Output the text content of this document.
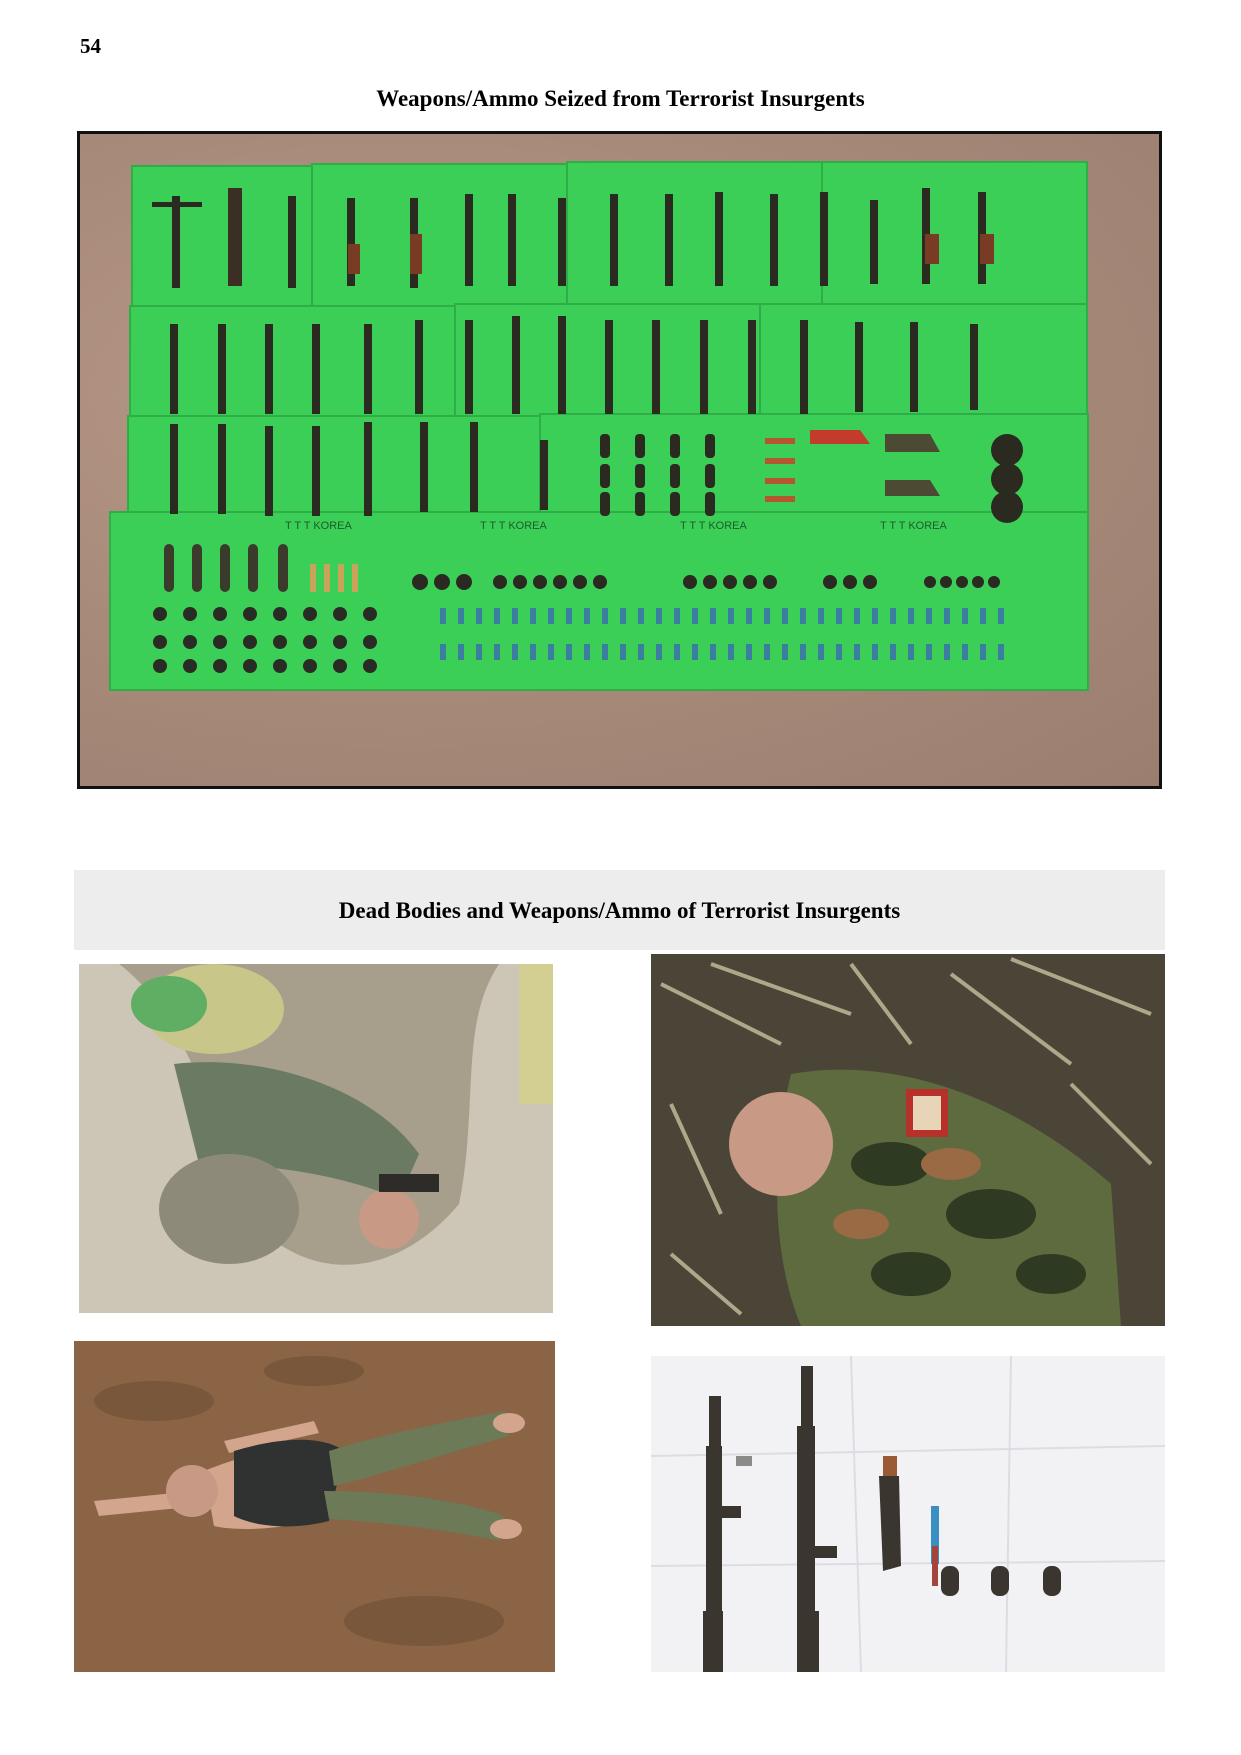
54
Weapons/Ammo Seized from Terrorist Insurgents
T T T KOREA	T T T KOREA	T T T KOREA	T T T KOREA
Dead Bodies and Weapons/Ammo of Terrorist Insurgents
